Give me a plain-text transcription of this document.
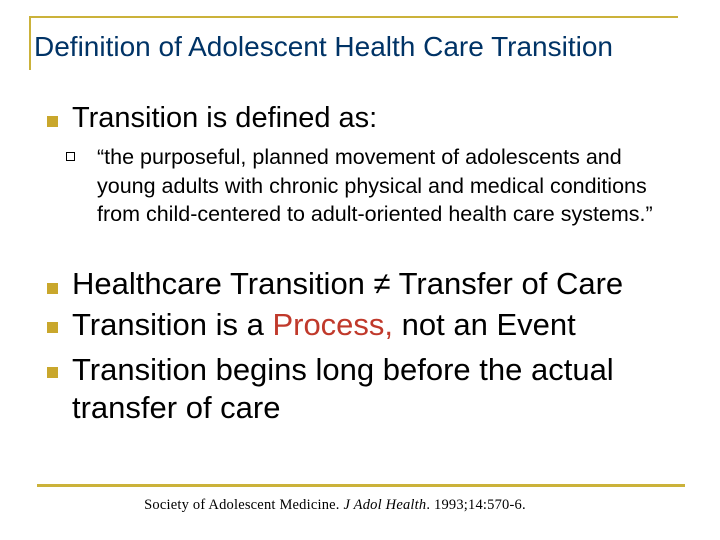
Definition of Adolescent Health Care Transition
Transition is defined as:
“the purposeful, planned movement of adolescents and young adults with chronic physical and medical conditions from child-centered to adult-oriented health care systems.”
Healthcare Transition ≠ Transfer of Care
Transition is a Process, not an Event
Transition begins long before the actual transfer of care
Society of Adolescent Medicine. J Adol Health. 1993;14:570-6.
